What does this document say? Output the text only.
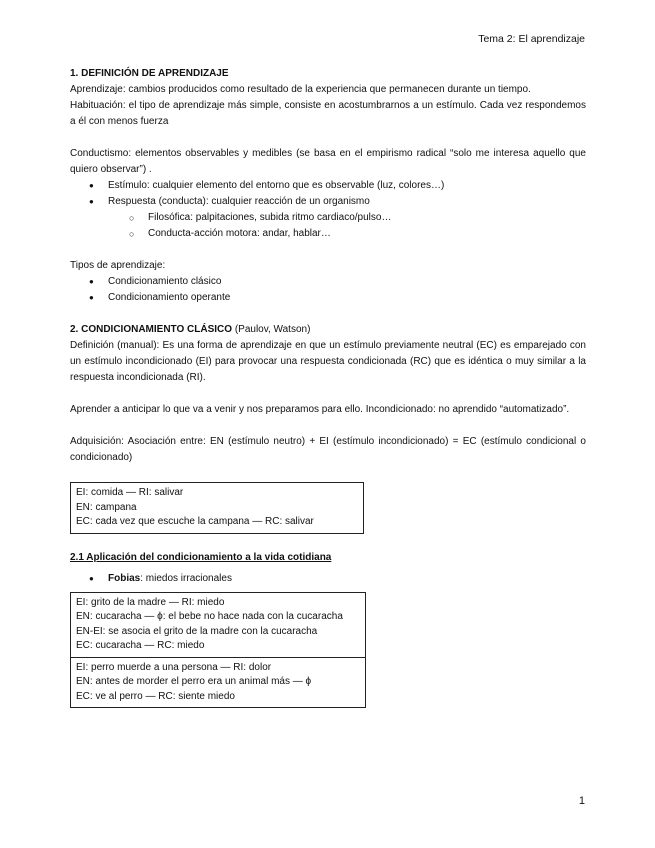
Tema 2: El aprendizaje
1. DEFINICIÓN DE APRENDIZAJE
Aprendizaje: cambios producidos como resultado de la experiencia que permanecen durante un tiempo.
Habituación: el tipo de aprendizaje más simple, consiste en acostumbrarnos a un estímulo. Cada vez respondemos a él con menos fuerza
Conductismo: elementos observables y medibles (se basa en el empirismo radical “solo me interesa aquello que quiero observar”) .
● Estímulo: cualquier elemento del entorno que es observable (luz, colores…)
● Respuesta (conducta): cualquier reacción de un organismo
○ Filosófica: palpitaciones, subida ritmo cardiaco/pulso…
○ Conducta-acción motora: andar, hablar…
Tipos de aprendizaje:
● Condicionamiento clásico
● Condicionamiento operante
2. CONDICIONAMIENTO CLÁSICO (Paulov, Watson)
Definición (manual): Es una forma de aprendizaje en que un estímulo previamente neutral (EC) es emparejado con un estímulo incondicionado (EI) para provocar una respuesta condicionada (RC) que es idéntica o muy similar a la respuesta incondicionada (RI).
Aprender a anticipar lo que va a venir y nos preparamos para ello. Incondicionado: no aprendido “automatizado”.
Adquisición: Asociación entre: EN (estímulo neutro) + EI (estímulo incondicionado) = EC (estímulo condicional o condicionado)
EI: comida — RI: salivar
EN: campana
EC: cada vez que escuche la campana — RC: salivar
2.1 Aplicación del condicionamiento a la vida cotidiana
● Fobias: miedos irracionales
EI: grito de la madre — RI: miedo
EN: cucaracha — ϕ: el bebe no hace nada con la cucaracha
EN-EI: se asocia el grito de la madre con la cucaracha
EC: cucaracha — RC: miedo
EI: perro muerde a una persona — RI: dolor
EN: antes de morder el perro era un animal más — ϕ
EC: ve al perro — RC: siente miedo
1
